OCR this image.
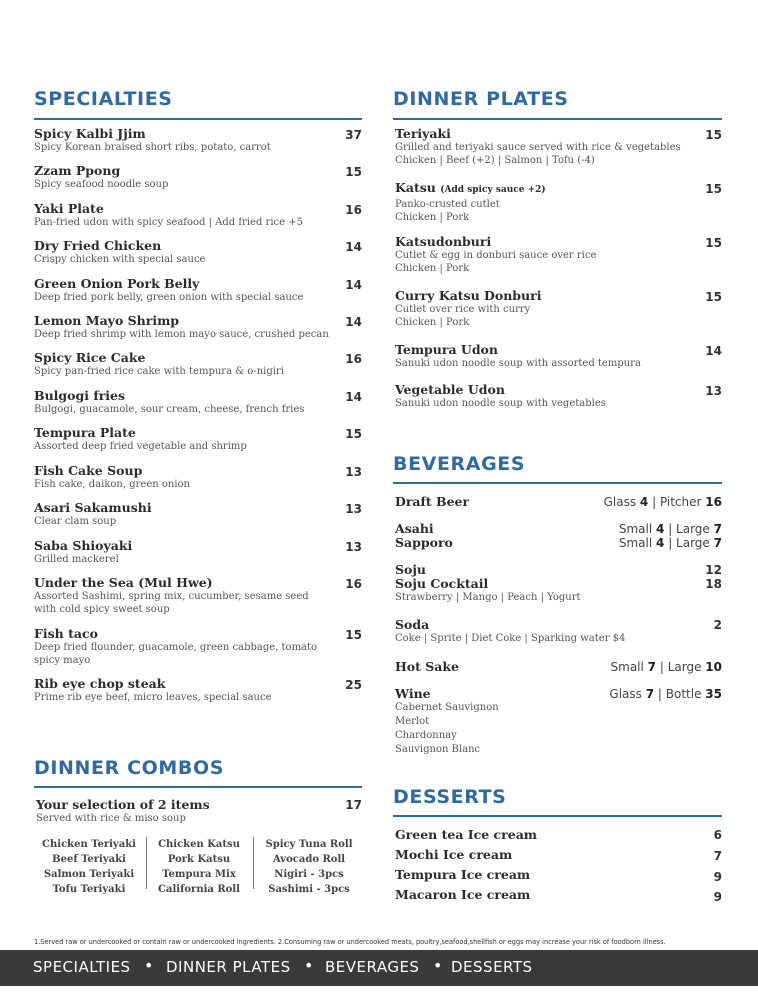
SPECIALTIES
Spicy Kalbi Jjim
Spicy Korean braised short ribs, potato, carrot
37
Zzam Ppong
Spicy seafood noodle soup
15
Yaki Plate
Pan-fried udon with spicy seafood | Add fried rice +5
16
Dry Fried Chicken
Crispy chicken with special sauce
14
Green Onion Pork Belly
Deep fried pork belly, green onion with special sauce
14
Lemon Mayo Shrimp
Deep fried shrimp with lemon mayo sauce, crushed pecan
14
Spicy Rice Cake
Spicy pan-fried rice cake with tempura & o-nigiri
16
Bulgogi fries
Bulgogi, guacamole, sour cream, cheese, french fries
14
Tempura Plate
Assorted deep fried vegetable and shrimp
15
Fish Cake Soup
Fish cake, daikon, green onion
13
Asari Sakamushi
Clear clam soup
13
Saba Shioyaki
Grilled mackerel
13
Under the Sea (Mul Hwe)
Assorted Sashimi, spring mix, cucumber, sesame seed
with cold spicy sweet soup
16
Fish taco
Deep fried flounder, guacamole, green cabbage, tomato
spicy mayo
15
Rib eye chop steak
Prime rib eye beef, micro leaves, special sauce
25
DINNER COMBOS
Your selection of 2 items
Served with rice & miso soup
17
Chicken Teriyaki
Beef Teriyaki
Salmon Teriyaki
Tofu Teriyaki
Chicken Katsu
Pork Katsu
Tempura Mix
California Roll
Spicy Tuna Roll
Avocado Roll
Nigiri - 3pcs
Sashimi - 3pcs
DINNER PLATES
Teriyaki
Grilled and teriyaki sauce served with rice & vegetables
Chicken | Beef (+2) | Salmon | Tofu (-4)
15
Katsu (Add spicy sauce +2)
Panko-crusted cutlet
Chicken | Pork
15
Katsudonburi
Cutlet & egg in donburi sauce over rice
Chicken | Pork
15
Curry Katsu Donburi
Cutlet over rice with curry
Chicken | Pork
15
Tempura Udon
Sanuki udon noodle soup with assorted tempura
14
Vegetable Udon
Sanuki udon noodle soup with vegetables
13
BEVERAGES
Draft Beer	Glass 4 | Pitcher 16
Asahi	Small 4 | Large 7
Sapporo	Small 4 | Large 7
Soju	12
Soju Cocktail
Strawberry | Mango | Peach | Yogurt
18
Soda
Coke | Sprite | Diet Coke | Sparking water $4
2
Hot Sake	Small 7 | Large 10
Wine
Cabernet Sauvignon
Merlot
Chardonnay
Sauvignon Blanc
Glass 7 | Bottle 35
DESSERTS
Green tea Ice cream	6
Mochi Ice cream	7
Tempura Ice cream	9
Macaron Ice cream	9
1.Served raw or undercooked or contain raw or undercooked ingredients. 2.Consuming raw or undercooked meats, poultry,seafood,shellfish or eggs may increase your risk of foodborn illness.
SPECIALTIES • DINNER PLATES • BEVERAGES • DESSERTS
